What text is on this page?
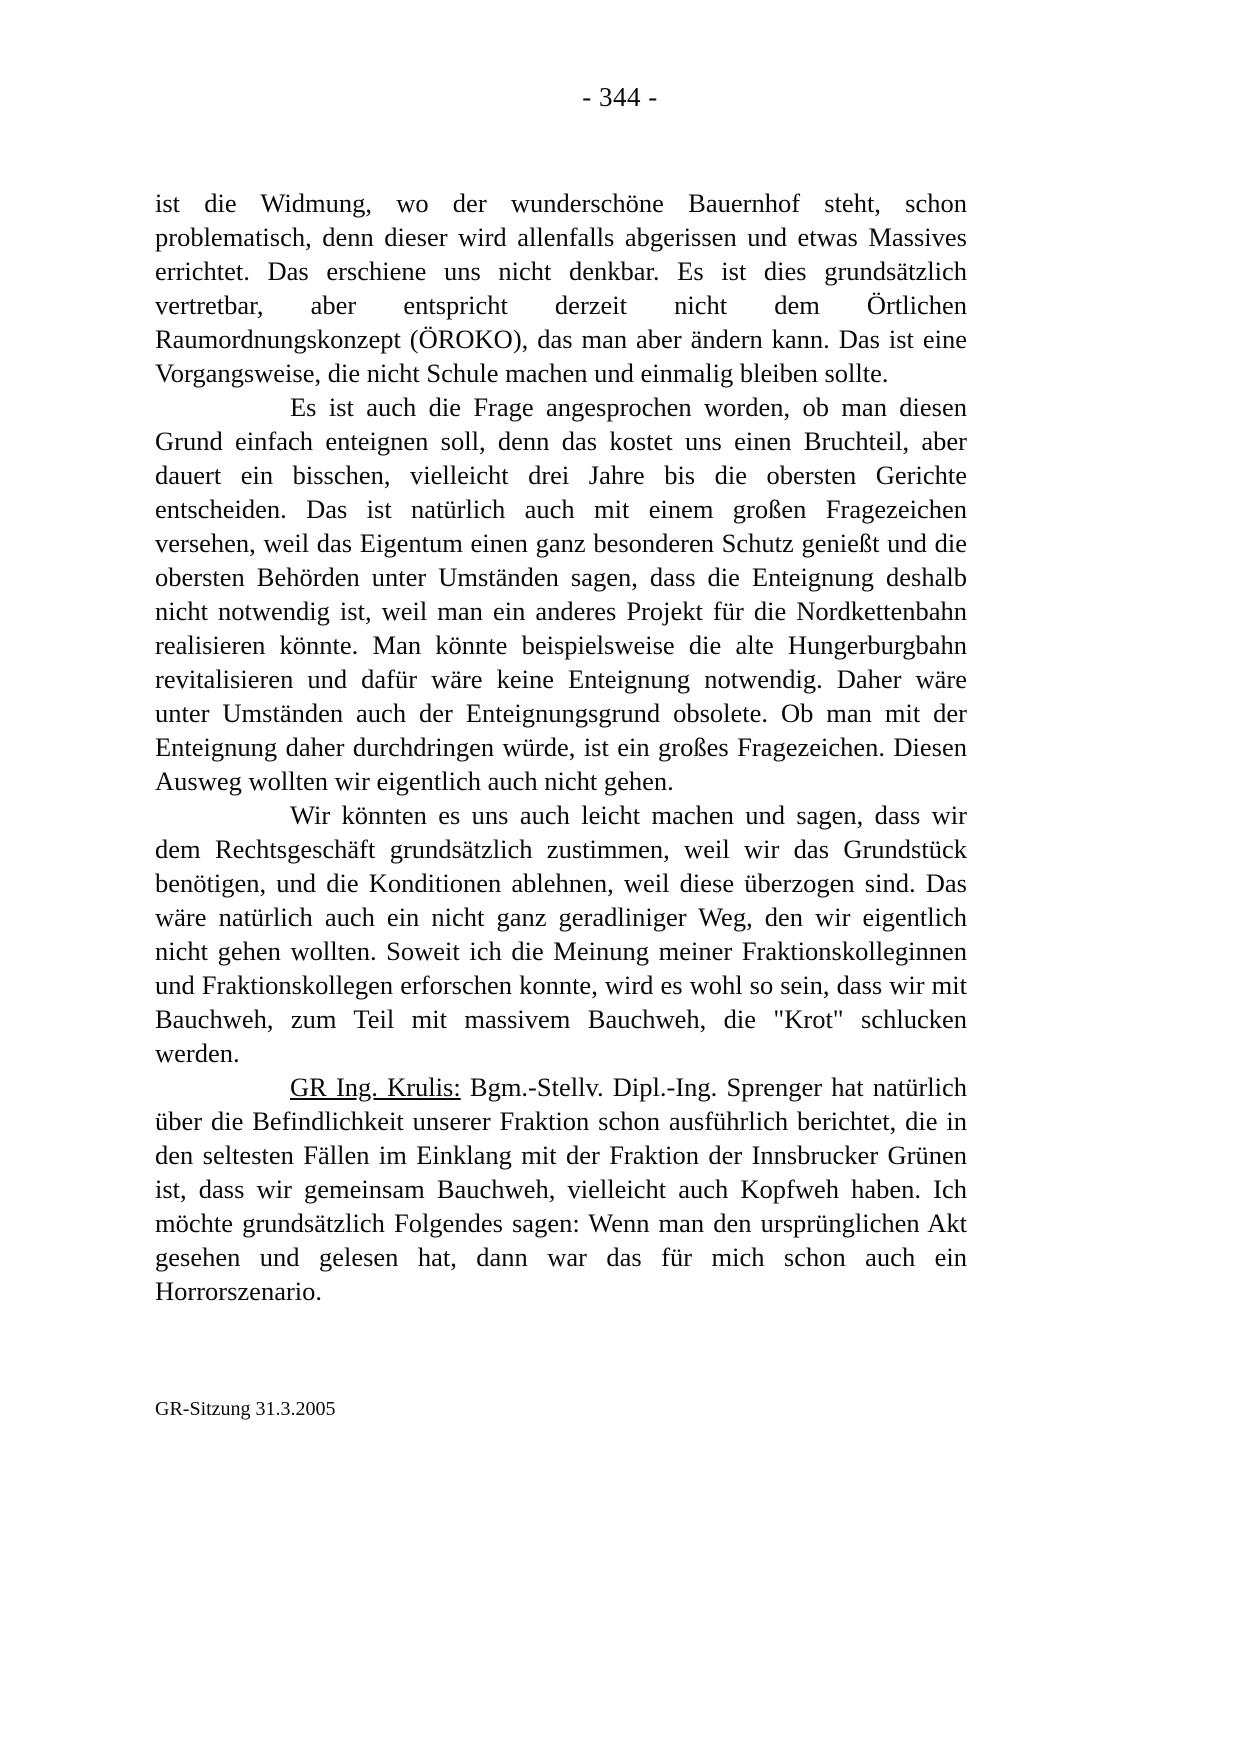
- 344 -

ist die Widmung, wo der wunderschöne Bauernhof steht, schon problematisch, denn dieser wird allenfalls abgerissen und etwas Massives errichtet. Das erschiene uns nicht denkbar. Es ist dies grundsätzlich vertretbar, aber entspricht derzeit nicht dem Örtlichen Raumordnungskonzept (ÖROKO), das man aber ändern kann. Das ist eine Vorgangsweise, die nicht Schule machen und einmalig bleiben sollte.

Es ist auch die Frage angesprochen worden, ob man diesen Grund einfach enteignen soll, denn das kostet uns einen Bruchteil, aber dauert ein bisschen, vielleicht drei Jahre bis die obersten Gerichte entscheiden. Das ist natürlich auch mit einem großen Fragezeichen versehen, weil das Eigentum einen ganz besonderen Schutz genießt und die obersten Behörden unter Umständen sagen, dass die Enteignung deshalb nicht notwendig ist, weil man ein anderes Projekt für die Nordkettenbahn realisieren könnte. Man könnte beispielsweise die alte Hungerburgbahn revitalisieren und dafür wäre keine Enteignung notwendig. Daher wäre unter Umständen auch der Enteignungsgrund obsolete. Ob man mit der Enteignung daher durchdringen würde, ist ein großes Fragezeichen. Diesen Ausweg wollten wir eigentlich auch nicht gehen.

Wir könnten es uns auch leicht machen und sagen, dass wir dem Rechtsgeschäft grundsätzlich zustimmen, weil wir das Grundstück benötigen, und die Konditionen ablehnen, weil diese überzogen sind. Das wäre natürlich auch ein nicht ganz geradliniger Weg, den wir eigentlich nicht gehen wollten. Soweit ich die Meinung meiner Fraktionskolleginnen und Fraktionskollegen erforschen konnte, wird es wohl so sein, dass wir mit Bauchweh, zum Teil mit massivem Bauchweh, die "Krot" schlucken werden.

GR Ing. Krulis: Bgm.-Stellv. Dipl.-Ing. Sprenger hat natürlich über die Befindlichkeit unserer Fraktion schon ausführlich berichtet, die in den seltesten Fällen im Einklang mit der Fraktion der Innsbrucker Grünen ist, dass wir gemeinsam Bauchweh, vielleicht auch Kopfweh haben. Ich möchte grundsätzlich Folgendes sagen: Wenn man den ursprünglichen Akt gesehen und gelesen hat, dann war das für mich schon auch ein Horrorszenario.

GR-Sitzung 31.3.2005
